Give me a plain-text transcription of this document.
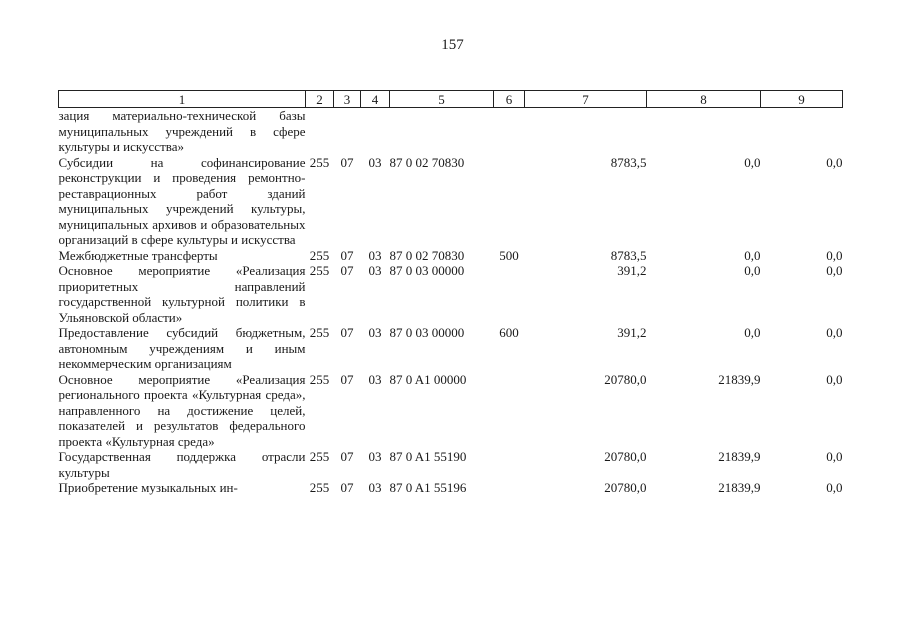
157
1	2	3	4	5	6	7	8	9
зация материально-технической базы муниципальных учреждений в сфере культуры и искусства»								
Субсидии на софинансирование реконструкции и проведения ремонтно-реставрационных работ зданий муниципальных учреждений культуры, муниципальных архивов и образовательных организаций в сфере культуры и искусства	255	07	03	87 0 02 70830		8783,5	0,0	0,0
Межбюджетные трансферты	255	07	03	87 0 02 70830	500	8783,5	0,0	0,0
Основное мероприятие «Реализация приоритетных направлений государственной культурной политики в Ульяновской области»	255	07	03	87 0 03 00000		391,2	0,0	0,0
Предоставление субсидий бюджетным, автономным учреждениям и иным некоммерческим организациям	255	07	03	87 0 03 00000	600	391,2	0,0	0,0
Основное мероприятие «Реализация регионального проекта «Культурная среда», направленного на достижение целей, показателей и результатов федерального проекта «Культурная среда»	255	07	03	87 0 A1 00000		20780,0	21839,9	0,0
Государственная поддержка отрасли культуры	255	07	03	87 0 A1 55190		20780,0	21839,9	0,0
Приобретение музыкальных ин-	255	07	03	87 0 A1 55196		20780,0	21839,9	0,0
